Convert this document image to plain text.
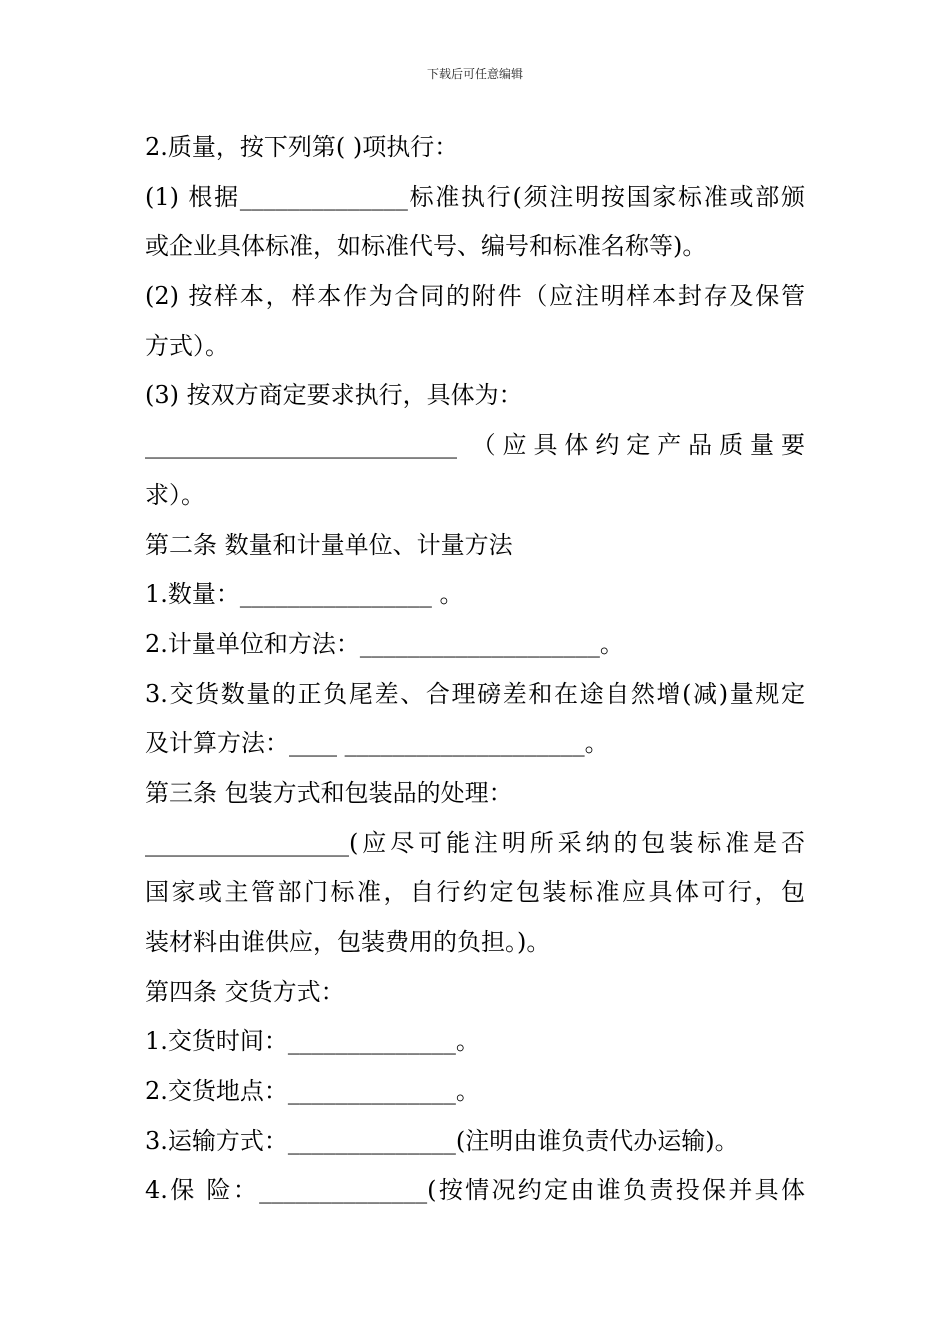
下载后可任意编辑
2.质量，按下列第( )项执行：
(1) 根据______________标准执行(须注明按国家标准或部颁
或企业具体标准，如标准代号、编号和标准名称等)。
(2) 按样本，样本作为合同的附件（应注明样本封存及保管
方式）。
(3) 按双方商定要求执行，具体为：
__________________________ （应具体约定产品质量要
求）。
第二条 数量和计量单位、计量方法
1.数量：________________ 。
2.计量单位和方法：____________________。
3.交货数量的正负尾差、合理磅差和在途自然增(减)量规定
及计算方法：____ ____________________。
第三条 包装方式和包装品的处理：
_________________(应尽可能注明所采纳的包装标准是否
国家或主管部门标准，自行约定包装标准应具体可行，包
装材料由谁供应，包装费用的负担。)。
第四条 交货方式：
1.交货时间：______________。
2.交货地点：______________。
3.运输方式：______________(注明由谁负责代办运输)。
4.保 险：______________(按情况约定由谁负责投保并具体
